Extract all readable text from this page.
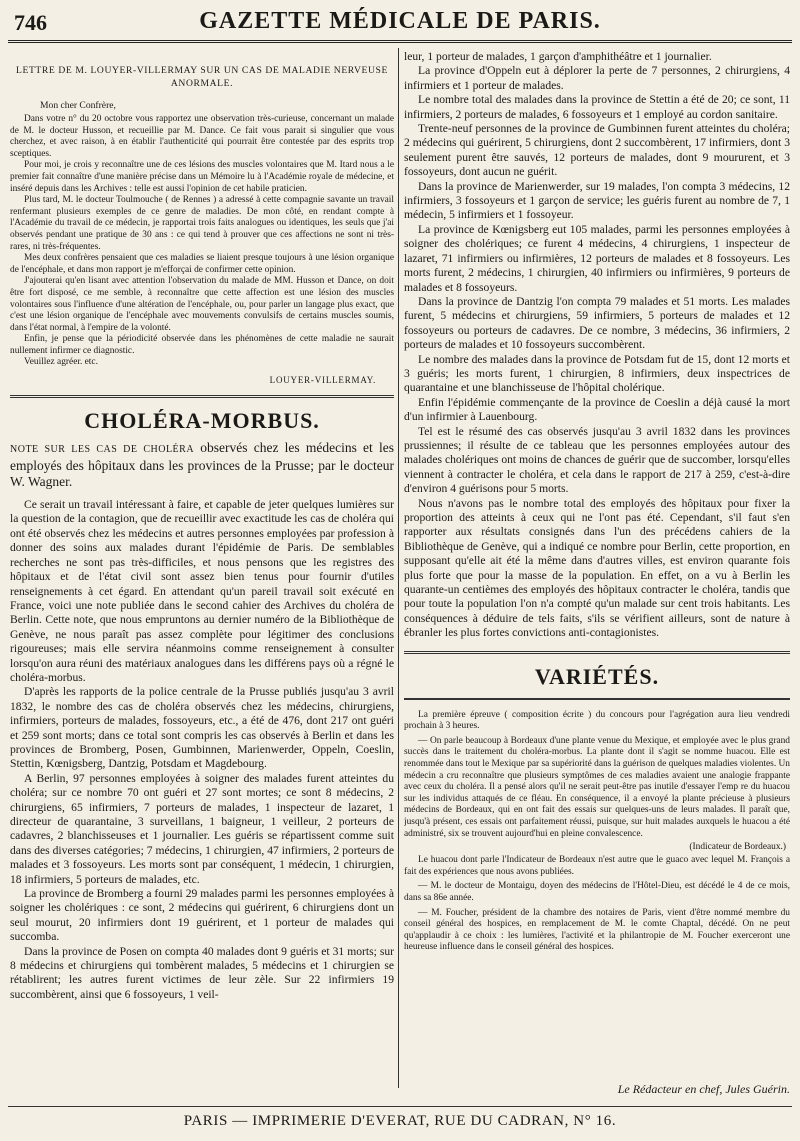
746	GAZETTE MÉDICALE DE PARIS.
LETTRE DE M. LOUYER-VILLERMAY SUR UN CAS DE MALADIE NERVEUSE ANORMALE.

Mon cher Confrère,

Dans votre n° du 20 octobre vous rapportez une observation très-curieuse, concernant un malade de M. le docteur Husson, et recueillie par M. Dance. Ce fait vous parait si singulier que vous cherchez, et avec raison, à en établir l'authenticité qui pourrait être contestée par des esprits trop sceptiques.

Pour moi, je crois y reconnaître une de ces lésions des muscles volontaires que M. Itard nous a le premier fait connaître d'une manière précise dans un Mémoire lu à l'Académie royale de médecine, et inséré depuis dans les Archives : telle est aussi l'opinion de cet habile praticien.

Plus tard, M. le docteur Toulmouche ( de Rennes ) a adressé à cette compagnie savante un travail renfermant plusieurs exemples de ce genre de maladies. De mon côté, en rendant compte à l'Académie du travail de ce médecin, je rapportai trois faits analogues ou identiques, les seuls que j'ai observés pendant une pratique de 30 ans : ce qui tend à prouver que ces affections ne sont ni très-rares, ni très-fréquentes.

Mes deux confrères pensaient que ces maladies se liaient presque toujours à une lésion organique de l'encéphale, et dans mon rapport je m'efforçai de confirmer cette opinion.

J'ajouterai qu'en lisant avec attention l'observation du malade de MM. Husson et Dance, on doit être fort disposé, ce me semble, à reconnaître que cette affection est une lésion des muscles volontaires sous l'influence d'une altération de l'encéphale, ou, pour parler un langage plus exact, que c'est une lésion organique de l'encéphale avec mouvements convulsifs de certains muscles soumis, dans l'état normal, à l'empire de la volonté.

Enfin, je pense que la périodicité observée dans les phénomènes de cette maladie ne saurait nullement infirmer ce diagnostic.

Veuillez agréer. etc.

LOUYER-VILLERMAY.
CHOLÉRA-MORBUS.

NOTE SUR LES CAS DE CHOLÉRA observés chez les médecins et les employés des hôpitaux dans les provinces de la Prusse; par le docteur W. Wagner.

Ce serait un travail intéressant à faire, et capable de jeter quelques lumières sur la question de la contagion, que de recueillir avec exactitude les cas de choléra qui ont été observés chez les médecins et autres personnes employées par profession à donner des soins aux malades durant l'épidémie de Paris. De semblables recherches ne sont pas très-difficiles, et nous pensons que les registres des hôpitaux et de l'état civil sont assez bien tenus pour fournir d'utiles renseignements à cet égard. En attendant qu'un pareil travail soit exécuté en France, voici une note publiée dans le second cahier des Archives du choléra de Berlin. Cette note, que nous empruntons au dernier numéro de la Bibliothèque de Genève, ne nous paraît pas assez complète pour légitimer des conclusions rigoureuses; mais elle servira néanmoins comme renseignement à consulter lorsqu'on aura réuni des matériaux analogues dans les différens pays où a régné le choléra-morbus.

D'après les rapports de la police centrale de la Prusse publiés jusqu'au 3 avril 1832, le nombre des cas de choléra observés chez les médecins, chirurgiens, infirmiers, porteurs de malades, fossoyeurs, etc., a été de 476, dont 217 ont guéri et 259 sont morts; dans ce total sont compris les cas observés à Berlin et dans les provinces de Bromberg, Posen, Gumbinnen, Marienwerder, Oppeln, Coeslin, Stettin, Kœnigsberg, Dantzig, Potsdam et Magdebourg.

A Berlin, 97 personnes employées à soigner des malades furent atteintes du choléra; sur ce nombre 70 ont guéri et 27 sont mortes; ce sont 8 médecins, 2 chirurgiens, 65 infirmiers, 7 porteurs de malades, 1 inspecteur de lazaret, 1 directeur de quarantaine, 3 surveillans, 1 baigneur, 1 veilleur, 2 porteurs de cadavres, 2 blanchisseuses et 1 journalier. Les guéris se répartissent comme suit dans des diverses catégories; 7 médecins, 1 chirurgien, 47 infirmiers, 2 porteurs de malades et 3 fossoyeurs. Les morts sont par conséquent, 1 médecin, 1 chirurgien, 18 infirmiers, 5 porteurs de malades, etc.

La province de Bromberg a fourni 29 malades parmi les personnes employées à soigner les cholériques : ce sont, 2 médecins qui guérirent, 6 chirurgiens dont un seul mourut, 20 infirmiers dont 19 guérirent, et 1 porteur de malades qui succomba.

Dans la province de Posen on compta 40 malades dont 9 guéris et 31 morts; sur 8 médecins et chirurgiens qui tombèrent malades, 5 médecins et 1 chirurgien se rétablirent; les autres furent victimes de leur zèle. Sur 22 infirmiers 19 succombèrent, ainsi que 6 fossoyeurs, 1 veil-

leur, 1 porteur de malades, 1 garçon d'amphithéâtre et 1 journalier.

La province d'Oppeln eut à déplorer la perte de 7 personnes, 2 chirurgiens, 4 infirmiers et 1 porteur de malades.

Le nombre total des malades dans la province de Stettin a été de 20; ce sont, 11 infirmiers, 2 porteurs de malades, 6 fossoyeurs et 1 employé au cordon sanitaire.

Trente-neuf personnes de la province de Gumbinnen furent atteintes du choléra; 2 médecins qui guérirent, 5 chirurgiens, dont 2 succombèrent, 17 infirmiers, dont 3 seulement purent être sauvés, 12 porteurs de malades, dont 9 moururent, et 3 fossoyeurs, dont aucun ne guérit.

Dans la province de Marienwerder, sur 19 malades, l'on compta 3 médecins, 12 infirmiers, 3 fossoyeurs et 1 garçon de service; les guéris furent au nombre de 7, 1 médecin, 5 infirmiers et 1 fossoyeur.

La province de Kœnigsberg eut 105 malades, parmi les personnes employées à soigner des cholériques; ce furent 4 médecins, 4 chirurgiens, 1 inspecteur de lazaret, 71 infirmiers ou infirmières, 12 porteurs de malades et 8 fossoyeurs. Les morts furent, 2 médecins, 1 chirurgien, 40 infirmiers ou infirmières, 9 porteurs de malades et 8 fossoyeurs.

Dans la province de Dantzig l'on compta 79 malades et 51 morts. Les malades furent, 5 médecins et chirurgiens, 59 infirmiers, 5 porteurs de malades et 12 fossoyeurs ou porteurs de cadavres. De ce nombre, 3 médecins, 36 infirmiers, 2 porteurs de malades et 10 fossoyeurs succombèrent.

Le nombre des malades dans la province de Potsdam fut de 15, dont 12 morts et 3 guéris; les morts furent, 1 chirurgien, 8 infirmiers, deux inspectrices de quarantaine et une blanchisseuse de l'hôpital cholérique.

Enfin l'épidémie commençante de la province de Coeslin a déjà causé la mort d'un infirmier à Lauenbourg.

Tel est le résumé des cas observés jusqu'au 3 avril 1832 dans les provinces prussiennes; il résulte de ce tableau que les personnes employées autour des malades cholériques ont moins de chances de guérir que de succomber, lorsqu'elles viennent à contracter le choléra, et cela dans le rapport de 217 à 259, c'est-à-dire d'environ 4 guérisons pour 5 morts.

Nous n'avons pas le nombre total des employés des hôpitaux pour fixer la proportion des atteints à ceux qui ne l'ont pas été. Cependant, s'il faut s'en rapporter aux résultats consignés dans l'un des précédens cahiers de la Bibliothèque de Genève, qui a indiqué ce nombre pour Berlin, cette proportion, en supposant qu'elle ait été la même dans d'autres villes, est environ quarante fois plus forte que pour la masse de la population. En effet, on a vu à Berlin les quarante-un centièmes des employés des hôpitaux contracter le choléra, tandis que pour toute la population l'on n'a compté qu'un malade sur cent trois habitants. Les conséquences à déduire de tels faits, s'ils se vérifient ailleurs, sont de nature à ébranler les plus fortes convictions anti-contagionistes.

VARIÉTÉS.

La première épreuve ( composition écrite ) du concours pour l'agrégation aura lieu vendredi prochain à 3 heures.

— On parle beaucoup à Bordeaux d'une plante venue du Mexique, et employée avec le plus grand succès dans le traitement du choléra-morbus. La plante dont il s'agit se nomme huacou. Elle est renommée dans tout le Mexique par sa supériorité dans la guérison de quelques maladies violentes. Un médecin a cru reconnaître que plusieurs symptômes de ces maladies avaient une analogie frappante avec ceux du choléra. Il a pensé alors qu'il ne serait peut-être pas inutile d'essayer l'emp re du huacou sur les individus attaqués de ce fléau. En conséquence, il a envoyé la plante précieuse à plusieurs médecins de Bordeaux, qui en ont fait des essais sur quelques-uns de leurs malades. Il paraît que, jusqu'à présent, ces essais ont parfaitement réussi, puisque, sur huit malades auxquels le huacou a été administré, six se trouvent aujourd'hui en pleine convalescence.

(Indicateur de Bordeaux.)

Le huacou dont parle l'Indicateur de Bordeaux n'est autre que le guaco avec lequel M. François a fait des expériences que nous avons publiées.

— M. le docteur de Montaigu, doyen des médecins de l'Hôtel-Dieu, est décédé le 4 de ce mois, dans sa 86e année.

— M. Foucher, président de la chambre des notaires de Paris, vient d'être nommé membre du conseil général des hospices, en remplacement de M. le comte Chaptal, décédé. On ne peut qu'applaudir à ce choix : les lumières, l'activité et la philantropie de M. Foucher exerceront une heureuse influence dans le conseil général des hospices.

Le Rédacteur en chef, Jules Guérin.
PARIS — IMPRIMERIE D'EVERAT, RUE DU CADRAN, N° 16.
